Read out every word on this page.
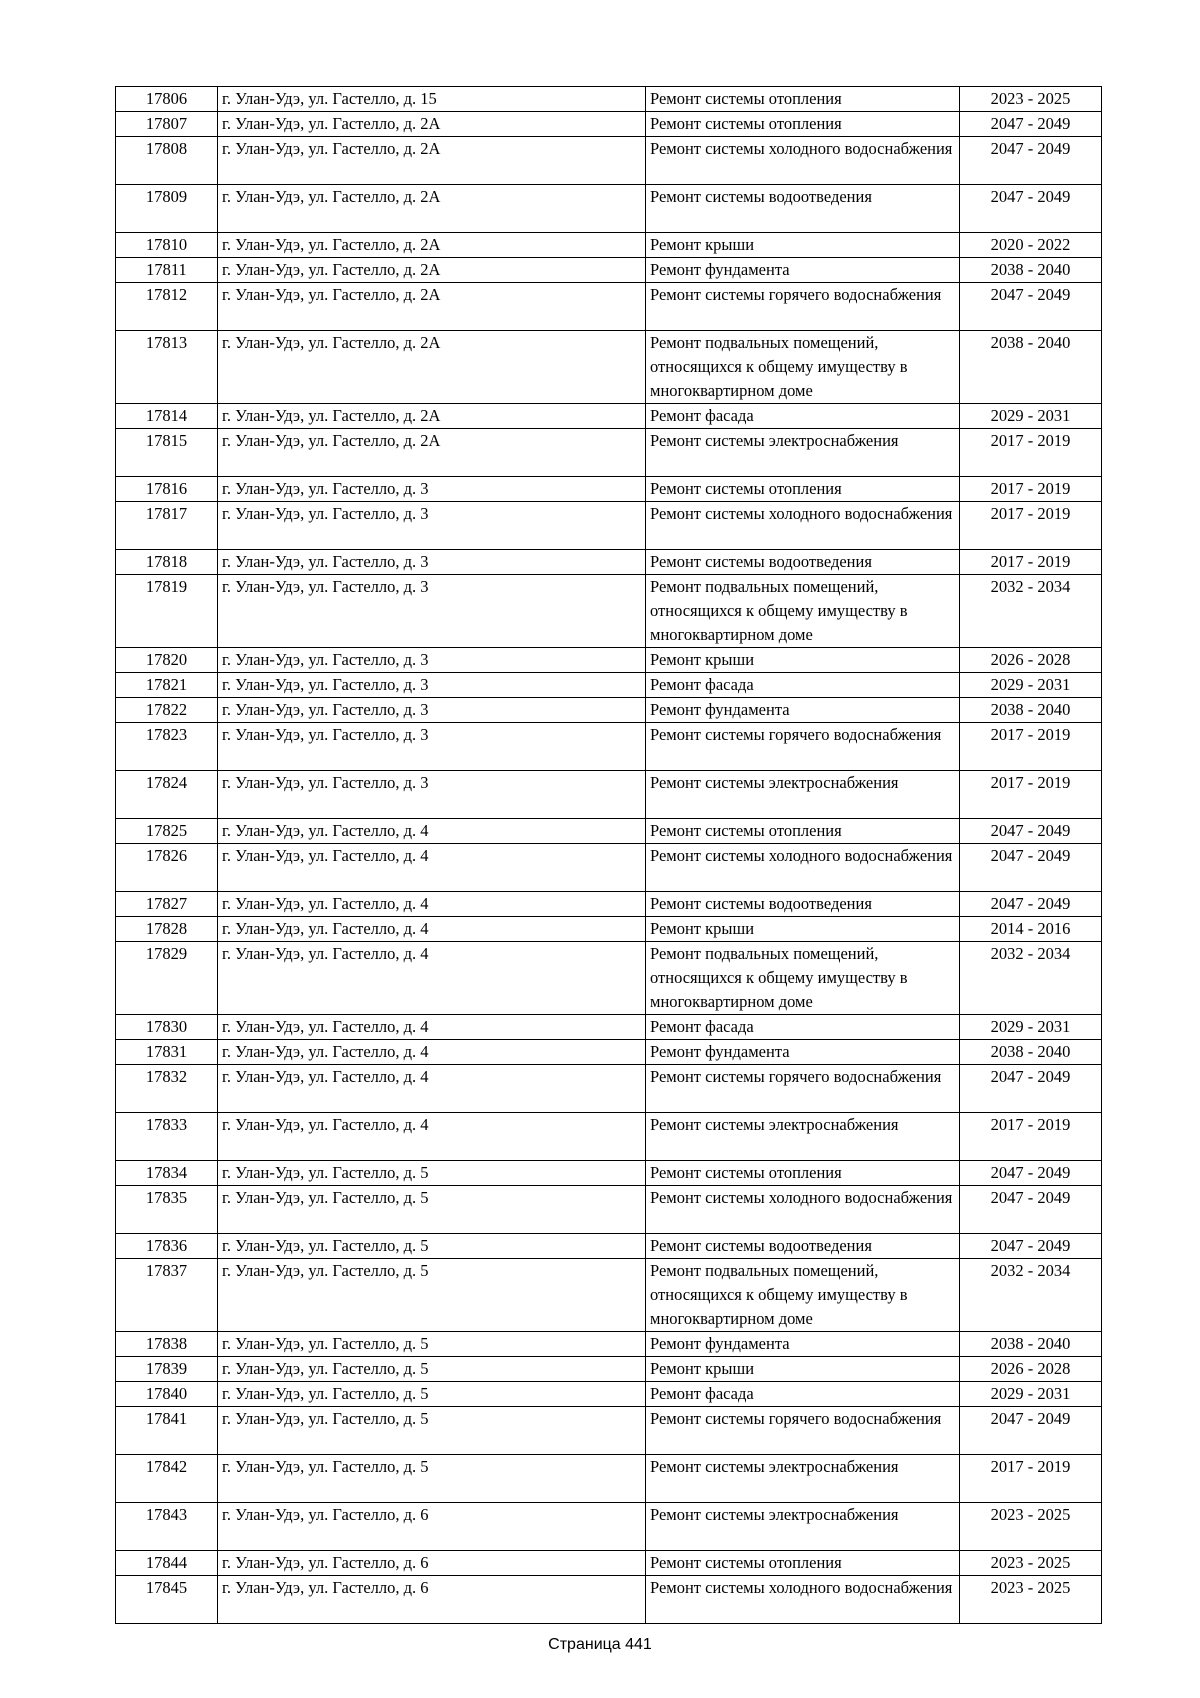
17806	г. Улан-Удэ, ул. Гастелло, д. 15	Ремонт системы отопления	2023 - 2025
17807	г. Улан-Удэ, ул. Гастелло, д. 2А	Ремонт системы отопления	2047 - 2049
17808	г. Улан-Удэ, ул. Гастелло, д. 2А	Ремонт системы холодного водоснабжения	2047 - 2049
17809	г. Улан-Удэ, ул. Гастелло, д. 2А	Ремонт системы водоотведения	2047 - 2049
17810	г. Улан-Удэ, ул. Гастелло, д. 2А	Ремонт крыши	2020 - 2022
17811	г. Улан-Удэ, ул. Гастелло, д. 2А	Ремонт фундамента	2038 - 2040
17812	г. Улан-Удэ, ул. Гастелло, д. 2А	Ремонт системы горячего водоснабжения	2047 - 2049
17813	г. Улан-Удэ, ул. Гастелло, д. 2А	Ремонт подвальных помещений, относящихся к общему имуществу в многоквартирном доме	2038 - 2040
17814	г. Улан-Удэ, ул. Гастелло, д. 2А	Ремонт фасада	2029 - 2031
17815	г. Улан-Удэ, ул. Гастелло, д. 2А	Ремонт системы электроснабжения	2017 - 2019
17816	г. Улан-Удэ, ул. Гастелло, д. 3	Ремонт системы отопления	2017 - 2019
17817	г. Улан-Удэ, ул. Гастелло, д. 3	Ремонт системы холодного водоснабжения	2017 - 2019
17818	г. Улан-Удэ, ул. Гастелло, д. 3	Ремонт системы водоотведения	2017 - 2019
17819	г. Улан-Удэ, ул. Гастелло, д. 3	Ремонт подвальных помещений, относящихся к общему имуществу в многоквартирном доме	2032 - 2034
17820	г. Улан-Удэ, ул. Гастелло, д. 3	Ремонт крыши	2026 - 2028
17821	г. Улан-Удэ, ул. Гастелло, д. 3	Ремонт фасада	2029 - 2031
17822	г. Улан-Удэ, ул. Гастелло, д. 3	Ремонт фундамента	2038 - 2040
17823	г. Улан-Удэ, ул. Гастелло, д. 3	Ремонт системы горячего водоснабжения	2017 - 2019
17824	г. Улан-Удэ, ул. Гастелло, д. 3	Ремонт системы электроснабжения	2017 - 2019
17825	г. Улан-Удэ, ул. Гастелло, д. 4	Ремонт системы отопления	2047 - 2049
17826	г. Улан-Удэ, ул. Гастелло, д. 4	Ремонт системы холодного водоснабжения	2047 - 2049
17827	г. Улан-Удэ, ул. Гастелло, д. 4	Ремонт системы водоотведения	2047 - 2049
17828	г. Улан-Удэ, ул. Гастелло, д. 4	Ремонт крыши	2014 - 2016
17829	г. Улан-Удэ, ул. Гастелло, д. 4	Ремонт подвальных помещений, относящихся к общему имуществу в многоквартирном доме	2032 - 2034
17830	г. Улан-Удэ, ул. Гастелло, д. 4	Ремонт фасада	2029 - 2031
17831	г. Улан-Удэ, ул. Гастелло, д. 4	Ремонт фундамента	2038 - 2040
17832	г. Улан-Удэ, ул. Гастелло, д. 4	Ремонт системы горячего водоснабжения	2047 - 2049
17833	г. Улан-Удэ, ул. Гастелло, д. 4	Ремонт системы электроснабжения	2017 - 2019
17834	г. Улан-Удэ, ул. Гастелло, д. 5	Ремонт системы отопления	2047 - 2049
17835	г. Улан-Удэ, ул. Гастелло, д. 5	Ремонт системы холодного водоснабжения	2047 - 2049
17836	г. Улан-Удэ, ул. Гастелло, д. 5	Ремонт системы водоотведения	2047 - 2049
17837	г. Улан-Удэ, ул. Гастелло, д. 5	Ремонт подвальных помещений, относящихся к общему имуществу в многоквартирном доме	2032 - 2034
17838	г. Улан-Удэ, ул. Гастелло, д. 5	Ремонт фундамента	2038 - 2040
17839	г. Улан-Удэ, ул. Гастелло, д. 5	Ремонт крыши	2026 - 2028
17840	г. Улан-Удэ, ул. Гастелло, д. 5	Ремонт фасада	2029 - 2031
17841	г. Улан-Удэ, ул. Гастелло, д. 5	Ремонт системы горячего водоснабжения	2047 - 2049
17842	г. Улан-Удэ, ул. Гастелло, д. 5	Ремонт системы электроснабжения	2017 - 2019
17843	г. Улан-Удэ, ул. Гастелло, д. 6	Ремонт системы электроснабжения	2023 - 2025
17844	г. Улан-Удэ, ул. Гастелло, д. 6	Ремонт системы отопления	2023 - 2025
17845	г. Улан-Удэ, ул. Гастелло, д. 6	Ремонт системы холодного водоснабжения	2023 - 2025
Страница 441
